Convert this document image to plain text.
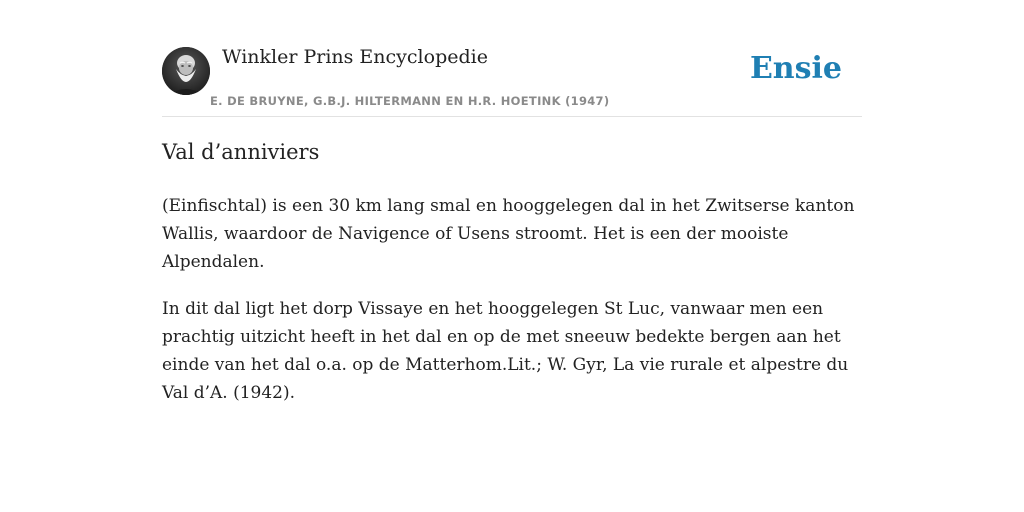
Winkler Prins Encyclopedie
E. DE BRUYNE, G.B.J. HILTERMANN EN H.R. HOETINK (1947)
Ensie
Val d’anniviers

(Einfischtal) is een 30 km lang smal en hooggelegen dal in het Zwitserse kanton Wallis, waardoor de Navigence of Usens stroomt. Het is een der mooiste Alpendalen.

In dit dal ligt het dorp Vissaye en het hooggelegen St Luc, vanwaar men een prachtig uitzicht heeft in het dal en op de met sneeuw bedekte bergen aan het einde van het dal o.a. op de Matterhom.Lit.; W. Gyr, La vie rurale et alpestre du Val d’A. (1942).
